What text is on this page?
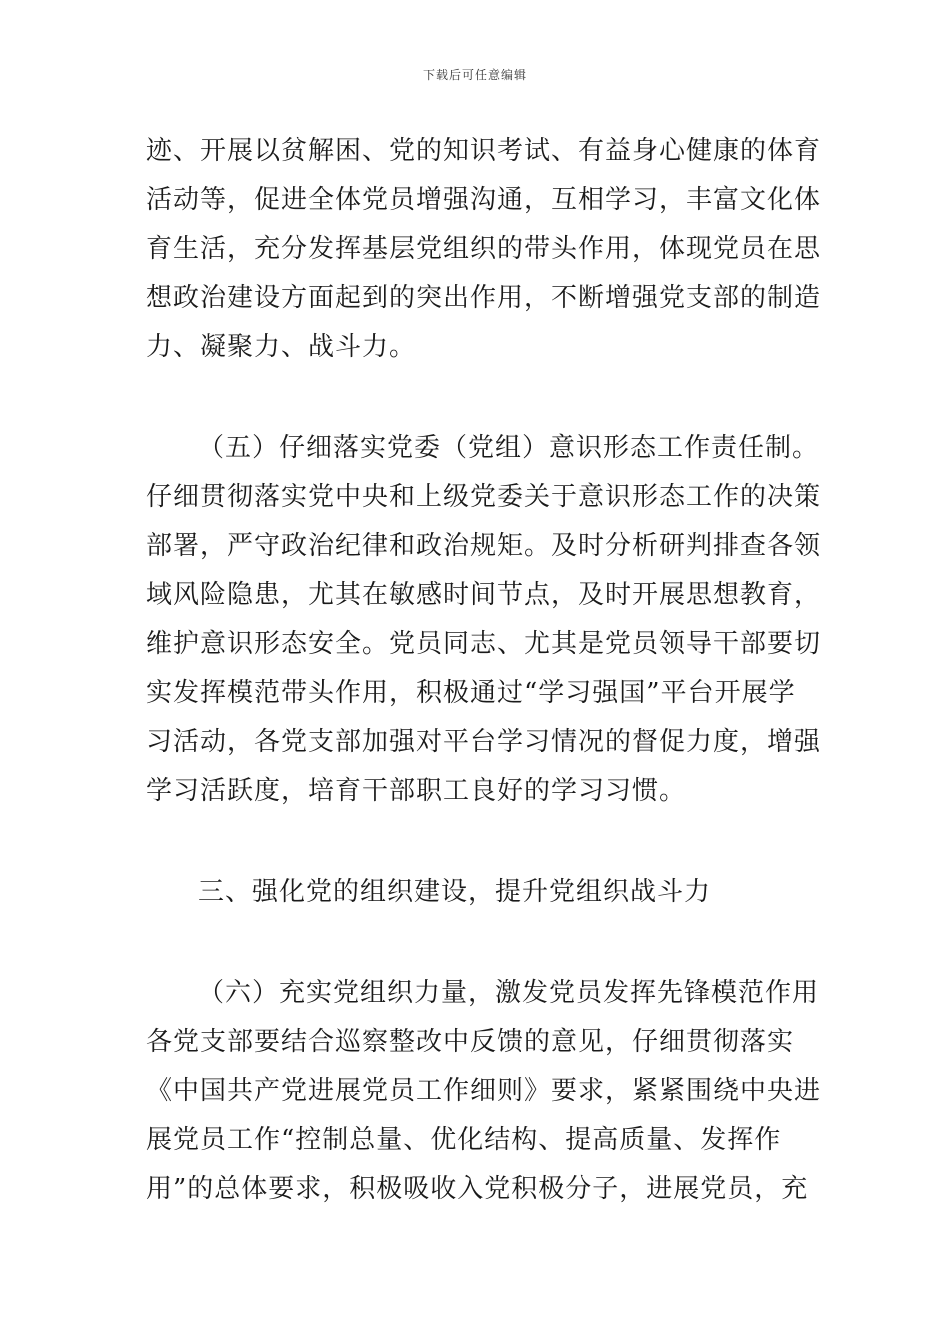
下载后可任意编辑
迹、开展以贫解困、党的知识考试、有益身心健康的体育
活动等，促进全体党员增强沟通，互相学习，丰富文化体
育生活，充分发挥基层党组织的带头作用，体现党员在思
想政治建设方面起到的突出作用，不断增强党支部的制造
力、凝聚力、战斗力。
（五）仔细落实党委（党组）意识形态工作责任制。
仔细贯彻落实党中央和上级党委关于意识形态工作的决策
部署，严守政治纪律和政治规矩。及时分析研判排查各领
域风险隐患，尤其在敏感时间节点，及时开展思想教育，
维护意识形态安全。党员同志、尤其是党员领导干部要切
实发挥模范带头作用，积极通过“学习强国”平台开展学
习活动，各党支部加强对平台学习情况的督促力度，增强
学习活跃度，培育干部职工良好的学习习惯。
三、强化党的组织建设，提升党组织战斗力
（六）充实党组织力量，激发党员发挥先锋模范作用
各党支部要结合巡察整改中反馈的意见，仔细贯彻落实
《中国共产党进展党员工作细则》要求，紧紧围绕中央进
展党员工作“控制总量、优化结构、提高质量、发挥作
用”的总体要求，积极吸收入党积极分子，进展党员，充
